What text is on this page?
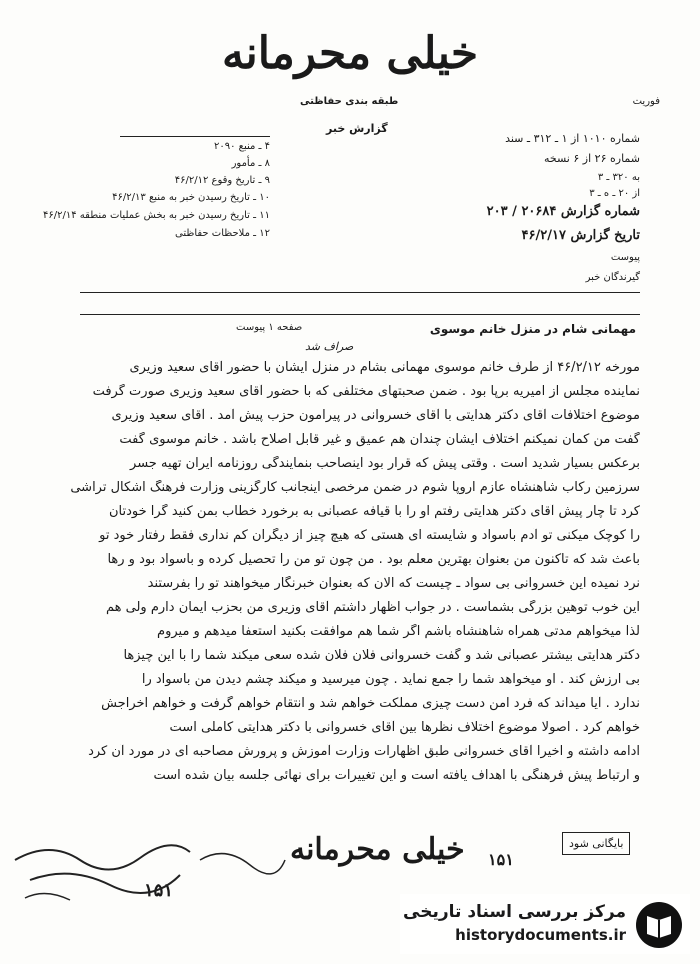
خیلی محرمانه
طبقه بندی حفاظتی	فوریت
گزارش خبر
۴ ـ منبع ۲۰۹۰
۸ ـ مأمور
۹ ـ تاریخ وقوع ۴۶/۲/۱۲
۱۰ ـ تاریخ رسیدن خبر به منبع ۴۶/۲/۱۳
۱۱ ـ تاریخ رسیدن خبر به بخش عملیات منطقه ۴۶/۲/۱۴
۱۲ ـ ملاحظات حفاظتی
شماره ۱۰۱۰ از ۱ ـ ۳۱۲ ـ سند
شماره ۲۶ از ۶ نسخه
به ۳۲۰ ـ ۳
از ۲۰ ـ ه ـ ۳
شماره گزارش ۲۰۶۸۴ / ۲۰۳
تاریخ گزارش ۴۶/۲/۱۷
پیوست
گیرندگان خبر
صفحه ۱ پیوست	مهمانی شام در منزل خانم موسوی
صراف شد
مورخه ۴۶/۲/۱۲ از طرف خانم موسوی مهمانی بشام در منزل ایشان با حضور آقای سعید وزیری
نماینده مجلس از امیریه برپا بود . ضمن صحبتهای مختلفی که با حضور آقای سعید وزیری صورت گرفت
موضوع اختلافات آقای دکتر هدایتی با آقای خسروانی در پیرامون حزب پیش آمد . آقای سعید وزیری
گفت من کمان نمیکنم اختلاف ایشان چندان هم عمیق و غیر قابل اصلاح باشد . خانم موسوی گفت
برعکس بسیار شدید است . وقتی پیش که قرار بود اینصاحب بنمایندگی روزنامه ایران تهیه جسر
سرزمین رکاب شاهنشاه عازم اروپا شوم در ضمن مرخصی اینجانب کارگزینی وزارت فرهنگ اشکال تراشی
کرد تا چار پیش آقای دکتر هدایتی رفتم او را با قیافه عصبانی به برخورد خطاب بمن کنید گرا خودتان
را کوچک میکنی تو آدم باسواد و شایسته ای هستی که هیچ چیز از دیگران کم نداری فقط رفتار خود تو
باعث شد که تاکنون من بعنوان بهترین معلم بود . من چون تو من را تحصیل کرده و باسواد بود و رها
نرد نمیده این خسروانی بی سواد ـ چیست که الان که بعنوان خبرنگار میخواهند تو را بفرستند
این خوب توهین بزرگی بشماست . در جواب اظهار داشتم آقای وزیری من بحزب ایمان دارم ولی هم
لذا میخواهم مدتی همراه شاهنشاه باشم اگر شما هم موافقت بکنید استعفا میدهم و میروم
دکتر هدایتی بیشتر عصبانی شد و گفت خسروانی فلان فلان شده سعی میکند شما را با این چیزها
بی ارزش کند . او میخواهد شما را جمع نماید . چون میرسید و میکند چشم دیدن من باسواد را
ندارد . آیا میداند که فرد امن دست چیزی مملکت خواهم شد و انتقام خواهم گرفت و خواهم اخراجش
خواهم کرد . اصولا موضوع اختلاف نظرها بین آقای خسروانی با دکتر هدایتی کاملی است
ادامه داشته و اخیرا آقای خسروانی طبق اظهارات وزارت آموزش و پرورش مصاحبه ای در مورد آن کرد
و ارتباط پیش فرهنگی با اهداف یافته است و این تغییرات برای نهائی جلسه بیان شده است
خیلی محرمانه ۱۵۱
بایگانی شود
۱۵۱
مرکز بررسی اسناد تاریخی
historydocuments.ir
